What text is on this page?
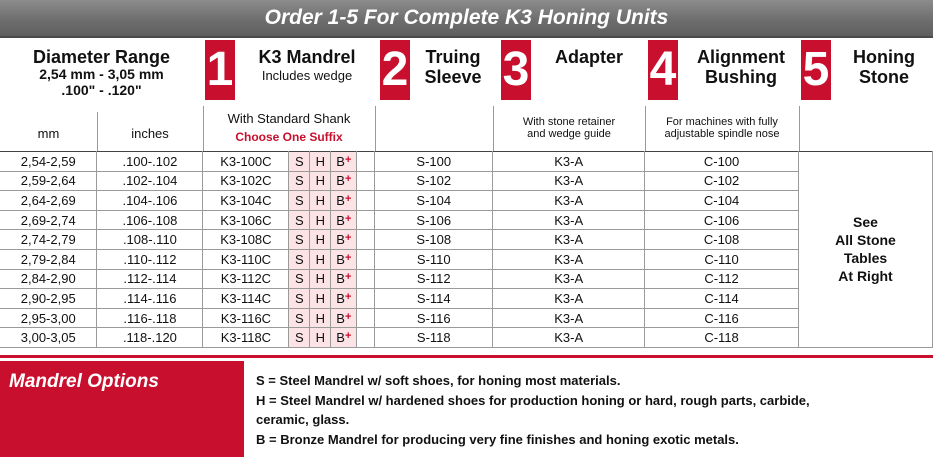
Order 1-5 For Complete K3 Honing Units
Diameter Range
2,54 mm - 3,05 mm
.100" - .120"	1	K3 Mandrel
Includes wedge 2 Truing
Sleeve 3	Adapter 4	Alignment
Bushing 5	Honing
Stone
mm	inches
With Standard Shank
Choose One Suffix
With stone retainer
and wedge guide
For machines with fully
adjustable spindle nose
2,54-2,59	.100-.102	K3-100C	S	H	B+		S-100	K3-A	C-100	See
All Stone
Tables
At Right

2,59-2,64	.102-.104	K3-102C	S	H	B+		S-102	K3-A	C-102	
2,64-2,69	.104-.106	K3-104C	S	H	B+		S-104	K3-A	C-104	
2,69-2,74	.106-.108	K3-106C	S	H	B+		S-106	K3-A	C-106	
2,74-2,79	.108-.110	K3-108C	S	H	B+		S-108	K3-A	C-108	
2,79-2,84	.110-.112	K3-110C	S	H	B+		S-110	K3-A	C-110	
2,84-2,90	.112-.114	K3-112C	S	H	B+		S-112	K3-A	C-112	
2,90-2,95	.114-.116	K3-114C	S	H	B+		S-114	K3-A	C-114	
2,95-3,00	.116-.118	K3-116C	S	H	B+		S-116	K3-A	C-116	
3,00-3,05	.118-.120	K3-118C	S	H	B+		S-118	K3-A	C-118	
Mandrel Options	S = Steel Mandrel w/ soft shoes, for honing most materials.
H = Steel Mandrel w/ hardened shoes for production honing or hard, rough parts, carbide,
ceramic, glass.
B = Bronze Mandrel for producing very fine finishes and honing exotic metals.
